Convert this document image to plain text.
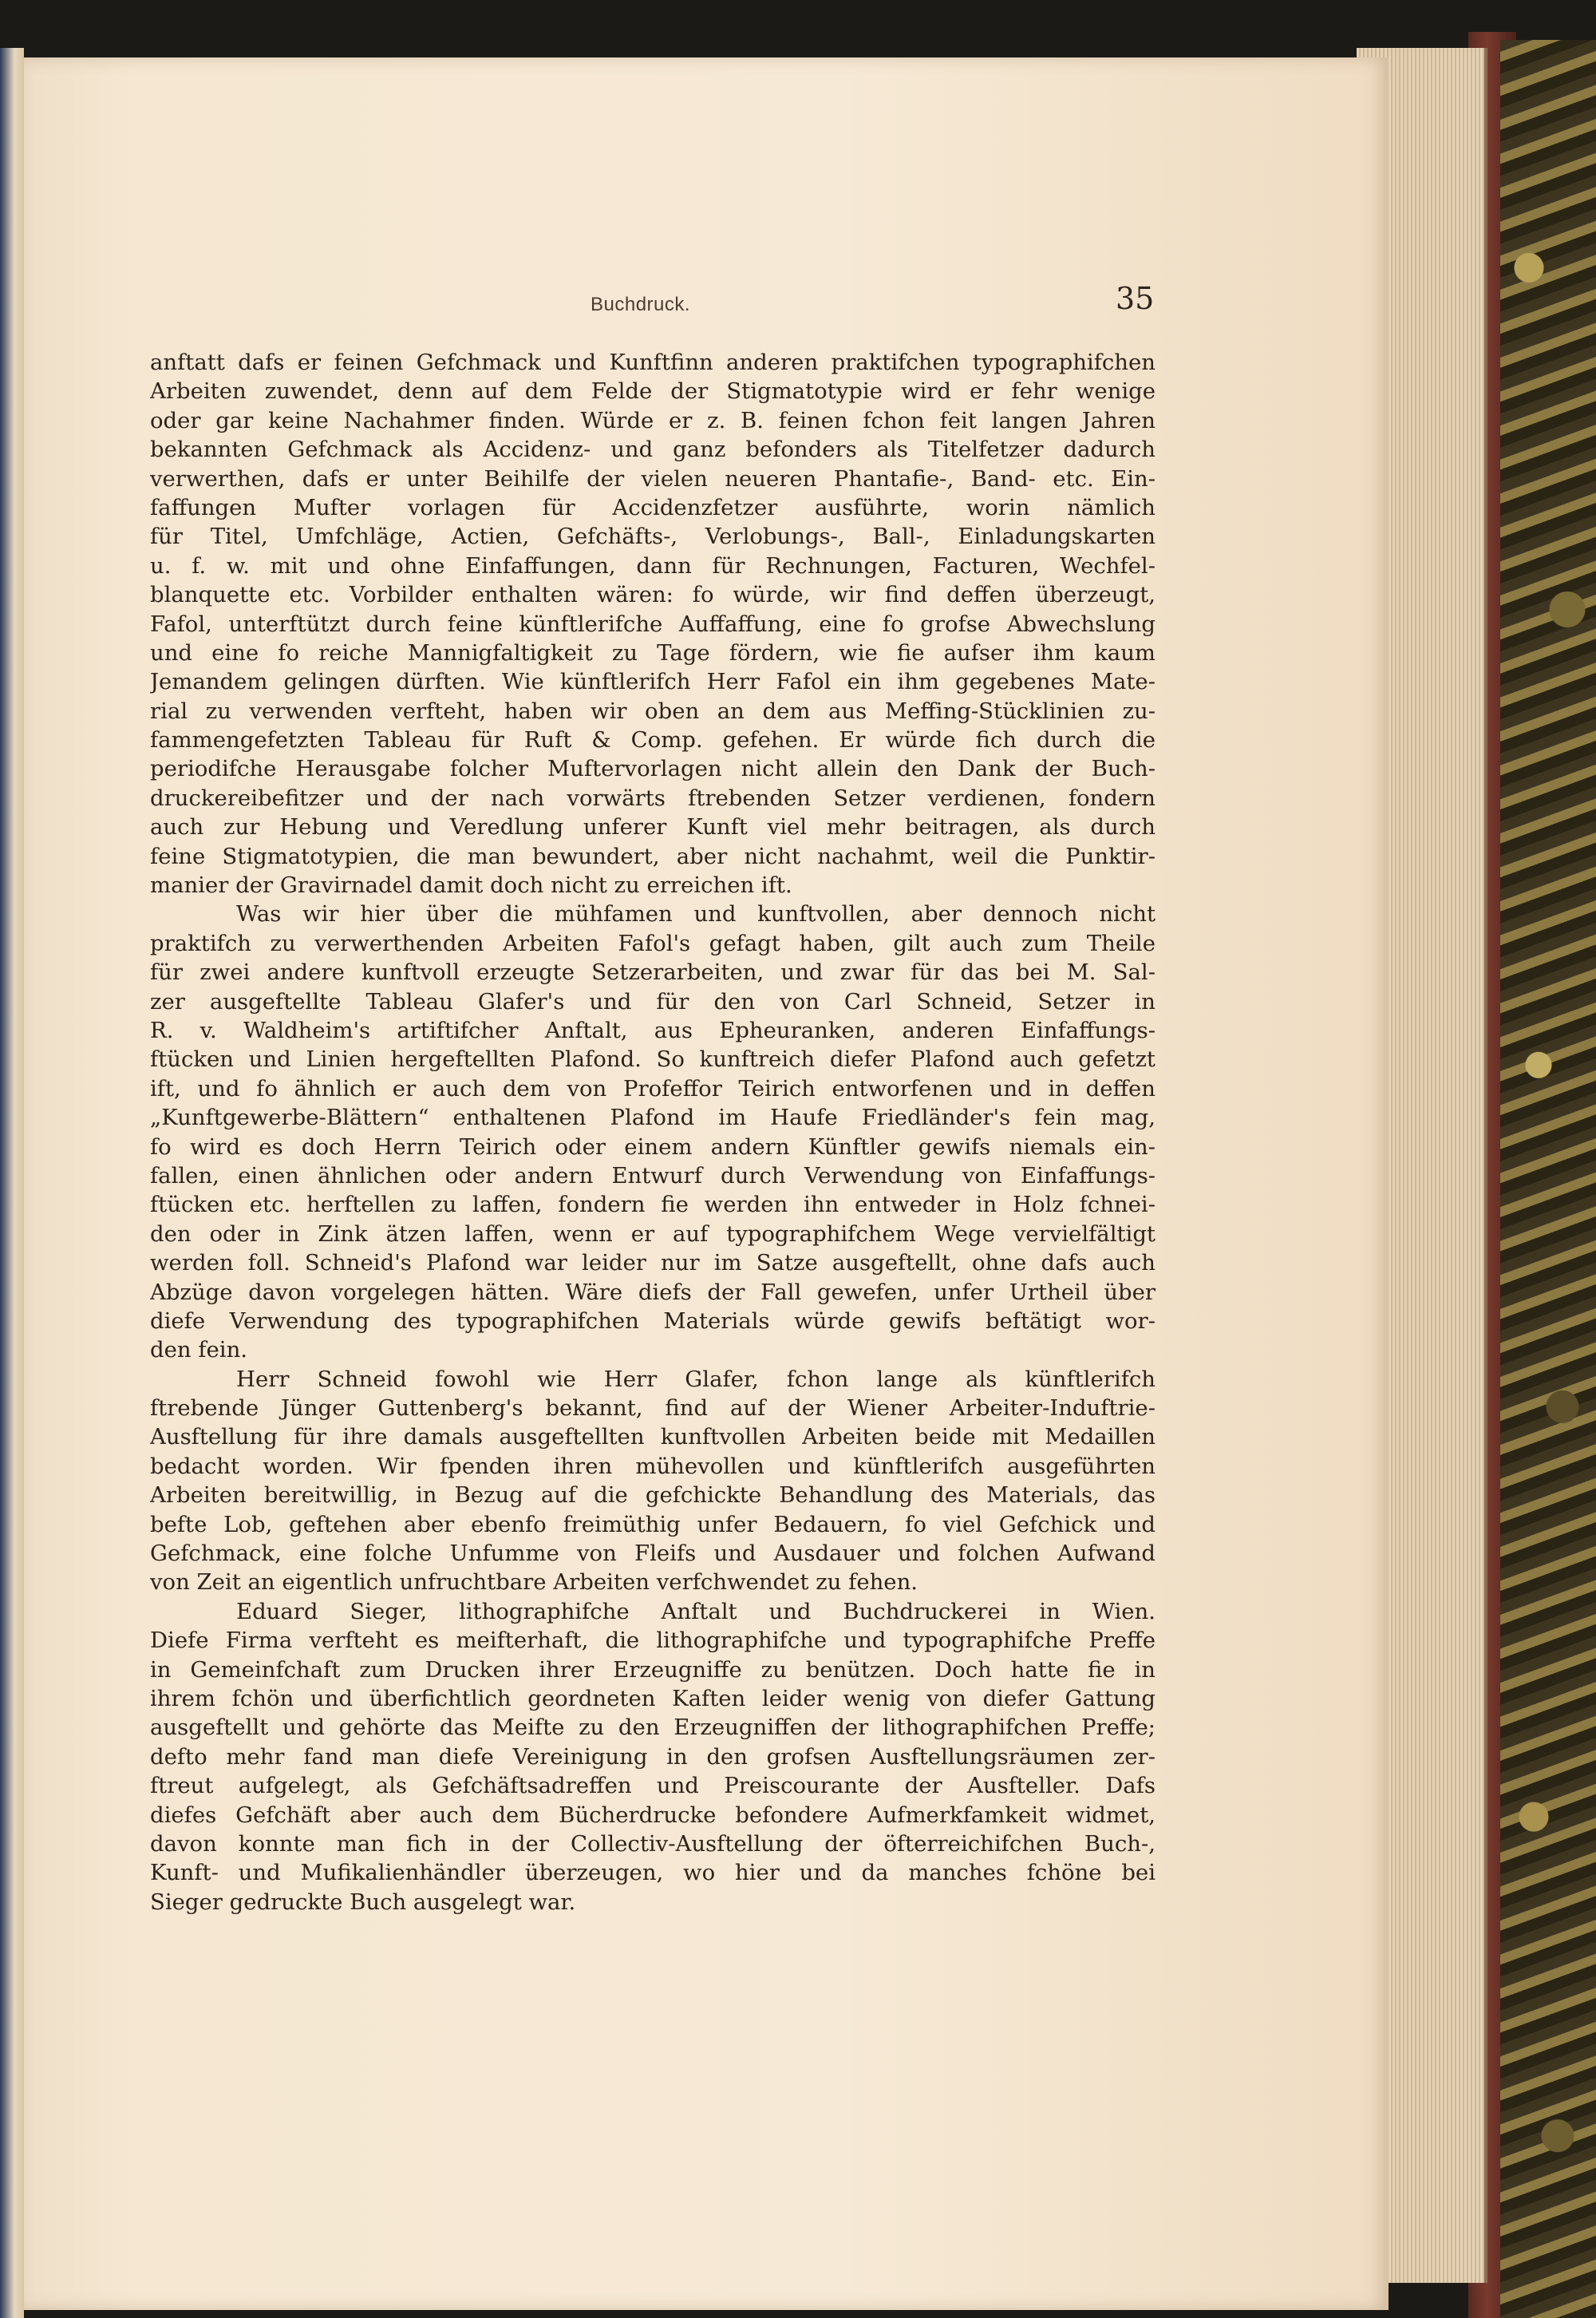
Buchdruck.	35
anftatt dafs er feinen Gefchmack und Kunftfinn anderen praktifchen typographifchen
Arbeiten zuwendet, denn auf dem Felde der Stigmatotypie wird er fehr wenige
oder gar keine Nachahmer finden. Würde er z. B. feinen fchon feit langen Jahren
bekannten Gefchmack als Accidenz- und ganz befonders als Titelfetzer dadurch
verwerthen, dafs er unter Beihilfe der vielen neueren Phantafie-, Band- etc. Ein-
faffungen Mufter vorlagen für Accidenzfetzer ausführte, worin nämlich
für Titel, Umfchläge, Actien, Gefchäfts-, Verlobungs-, Ball-, Einladungskarten
u. f. w. mit und ohne Einfaffungen, dann für Rechnungen, Facturen, Wechfel-
blanquette etc. Vorbilder enthalten wären: fo würde, wir find deffen überzeugt,
Fafol, unterftützt durch feine künftlerifche Auffaffung, eine fo grofse Abwechslung
und eine fo reiche Mannigfaltigkeit zu Tage fördern, wie fie aufser ihm kaum
Jemandem gelingen dürften. Wie künftlerifch Herr Fafol ein ihm gegebenes Mate-
rial zu verwenden verfteht, haben wir oben an dem aus Meffing-Stücklinien zu-
fammengefetzten Tableau für Ruft & Comp. gefehen. Er würde fich durch die
periodifche Herausgabe folcher Muftervorlagen nicht allein den Dank der Buch-
druckereibefitzer und der nach vorwärts ftrebenden Setzer verdienen, fondern
auch zur Hebung und Veredlung unferer Kunft viel mehr beitragen, als durch
feine Stigmatotypien, die man bewundert, aber nicht nachahmt, weil die Punktir-
manier der Gravirnadel damit doch nicht zu erreichen ift.
Was wir hier über die mühfamen und kunftvollen, aber dennoch nicht
praktifch zu verwerthenden Arbeiten Fafol's gefagt haben, gilt auch zum Theile
für zwei andere kunftvoll erzeugte Setzerarbeiten, und zwar für das bei M. Sal-
zer ausgeftellte Tableau Glafer's und für den von Carl Schneid, Setzer in
R. v. Waldheim's artiftifcher Anftalt, aus Epheuranken, anderen Einfaffungs-
ftücken und Linien hergeftellten Plafond. So kunftreich diefer Plafond auch gefetzt
ift, und fo ähnlich er auch dem von Profeffor Teirich entworfenen und in deffen
„Kunftgewerbe-Blättern“ enthaltenen Plafond im Haufe Friedländer's fein mag,
fo wird es doch Herrn Teirich oder einem andern Künftler gewifs niemals ein-
fallen, einen ähnlichen oder andern Entwurf durch Verwendung von Einfaffungs-
ftücken etc. herftellen zu laffen, fondern fie werden ihn entweder in Holz fchnei-
den oder in Zink ätzen laffen, wenn er auf typographifchem Wege vervielfältigt
werden foll. Schneid's Plafond war leider nur im Satze ausgeftellt, ohne dafs auch
Abzüge davon vorgelegen hätten. Wäre diefs der Fall gewefen, unfer Urtheil über
diefe Verwendung des typographifchen Materials würde gewifs beftätigt wor-
den fein.
Herr Schneid fowohl wie Herr Glafer, fchon lange als künftlerifch
ftrebende Jünger Guttenberg's bekannt, find auf der Wiener Arbeiter-Induftrie-
Ausftellung für ihre damals ausgeftellten kunftvollen Arbeiten beide mit Medaillen
bedacht worden. Wir fpenden ihren mühevollen und künftlerifch ausgeführten
Arbeiten bereitwillig, in Bezug auf die gefchickte Behandlung des Materials, das
befte Lob, geftehen aber ebenfo freimüthig unfer Bedauern, fo viel Gefchick und
Gefchmack, eine folche Unfumme von Fleifs und Ausdauer und folchen Aufwand
von Zeit an eigentlich unfruchtbare Arbeiten verfchwendet zu fehen.
Eduard Sieger, lithographifche Anftalt und Buchdruckerei in Wien.
Diefe Firma verfteht es meifterhaft, die lithographifche und typographifche Preffe
in Gemeinfchaft zum Drucken ihrer Erzeugniffe zu benützen. Doch hatte fie in
ihrem fchön und überfichtlich geordneten Kaften leider wenig von diefer Gattung
ausgeftellt und gehörte das Meifte zu den Erzeugniffen der lithographifchen Preffe;
defto mehr fand man diefe Vereinigung in den grofsen Ausftellungsräumen zer-
ftreut aufgelegt, als Gefchäftsadreffen und Preiscourante der Ausfteller. Dafs
diefes Gefchäft aber auch dem Bücherdrucke befondere Aufmerkfamkeit widmet,
davon konnte man fich in der Collectiv-Ausftellung der öfterreichifchen Buch-,
Kunft- und Mufikalienhändler überzeugen, wo hier und da manches fchöne bei
Sieger gedruckte Buch ausgelegt war.
